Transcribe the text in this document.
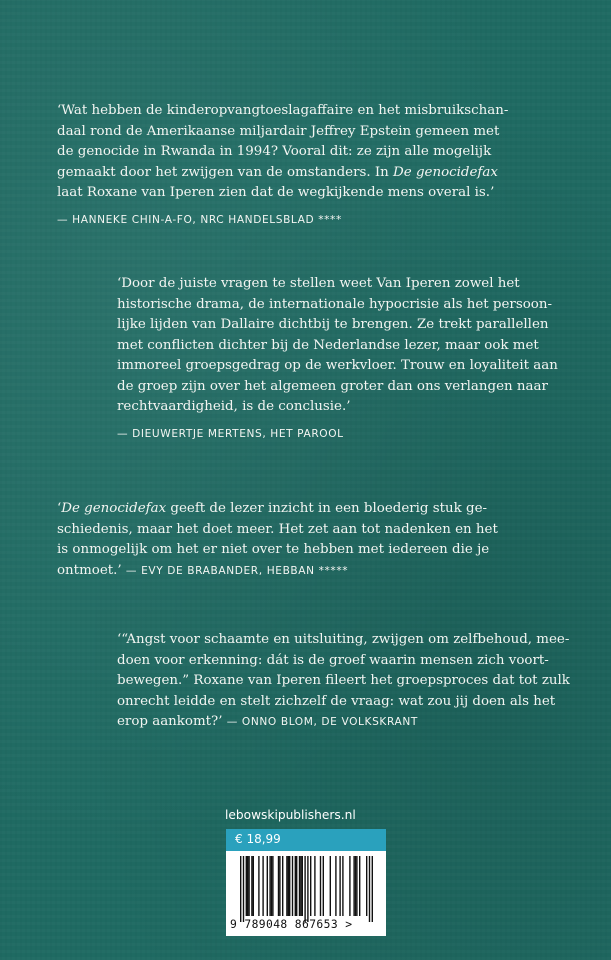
‘Wat hebben de kinderopvangtoeslagaffaire en het misbruikschan-
daal rond de Amerikaanse miljardair Jeffrey Epstein gemeen met
de genocide in Rwanda in 1994? Vooral dit: ze zijn alle mogelijk
gemaakt door het zwijgen van de omstanders. In De genocidefax
laat Roxane van Iperen zien dat de wegkijkende mens overal is.’
— HANNEKE CHIN-A-FO, NRC HANDELSBLAD ****
‘Door de juiste vragen te stellen weet Van Iperen zowel het
historische drama, de internationale hypocrisie als het persoon-
lijke lijden van Dallaire dichtbij te brengen. Ze trekt parallellen
met conflicten dichter bij de Nederlandse lezer, maar ook met
immoreel groepsgedrag op de werkvloer. Trouw en loyaliteit aan
de groep zijn over het algemeen groter dan ons verlangen naar
rechtvaardigheid, is de conclusie.’
— DIEUWERTJE MERTENS, HET PAROOL
‘De genocidefax geeft de lezer inzicht in een bloederig stuk ge-
schiedenis, maar het doet meer. Het zet aan tot nadenken en het
is onmogelijk om het er niet over te hebben met iedereen die je
ontmoet.’ — EVY DE BRABANDER, HEBBAN *****
‘“Angst voor schaamte en uitsluiting, zwijgen om zelfbehoud, mee-
doen voor erkenning: dát is de groef waarin mensen zich voort-
bewegen.” Roxane van Iperen fileert het groepsproces dat tot zulk
onrecht leidde en stelt zichzelf de vraag: wat zou jij doen als het
erop aankomt?’ — ONNO BLOM, DE VOLKSKRANT
lebowskipublishers.nl
€ 18,99
9 789048 867653 >
